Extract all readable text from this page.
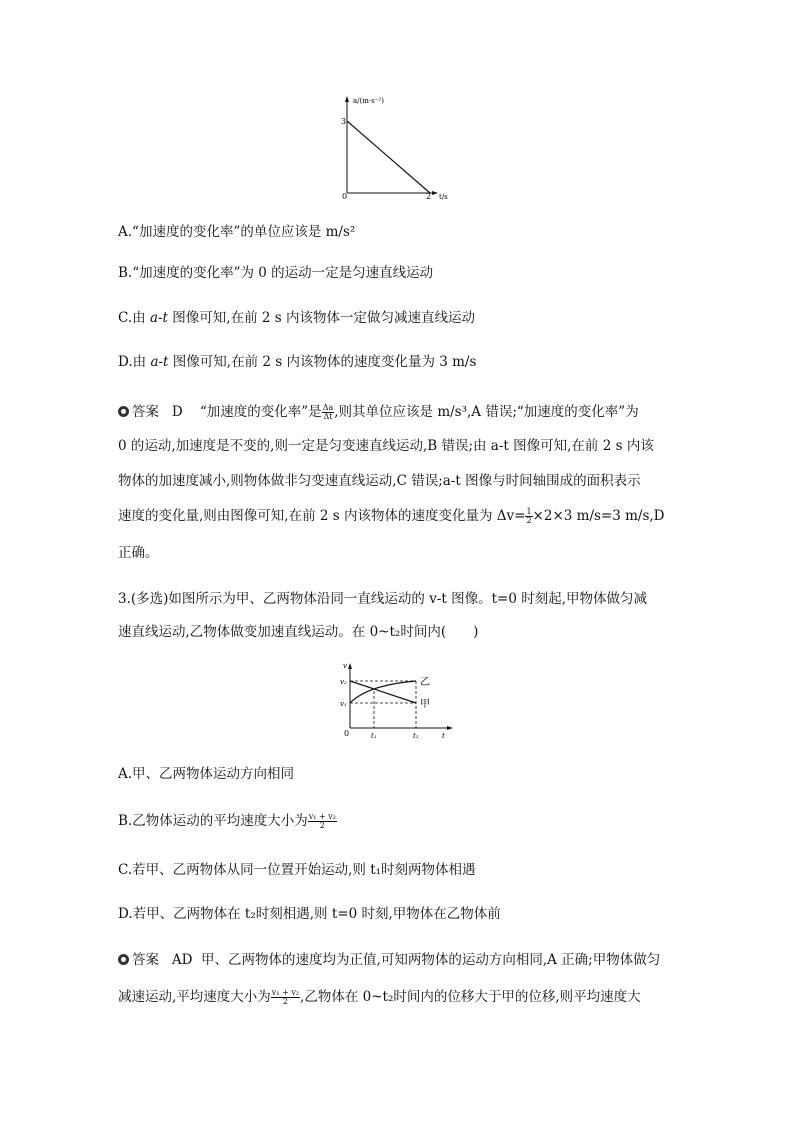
a/(m·s⁻²)
3
0	2 t/s
A.“加速度的变化率”的单位应该是 m/s²
B.“加速度的变化率”为 0 的运动一定是匀速直线运动
C.由 a-t 图像可知,在前 2 s 内该物体一定做匀减速直线运动
D.由 a-t 图像可知,在前 2 s 内该物体的速度变化量为 3 m/s
答案 D “加速度的变化率”是 $\frac{\Delta a}{\Delta t}$ ,则其单位应该是 m/s³,A 错误;“加速度的变化率”为
0 的运动,加速度是不变的,则一定是匀变速直线运动,B 错误;由 a-t 图像可知,在前 2 s 内该
物体的加速度减小,则物体做非匀变速直线运动,C 错误;a-t 图像与时间轴围成的面积表示
速度的变化量,则由图像可知,在前 2 s 内该物体的速度变化量为 $\Delta v= \frac{1}{2} \times 2\times 3$ m/s=3 m/s,D
正确。
3.(多选)如图所示为甲、乙两物体沿同一直线运动的 v-t 图像。t=0 时刻起,甲物体做匀减
速直线运动,乙物体做变加速直线运动。在 0~t₂时间内(　　)
v
v₂
v₁
0	t₁	t₂	t
乙
甲
A.甲、乙两物体运动方向相同
B.乙物体运动的平均速度大小为 $\frac{\text{v₁ + v₂}}{2}$
C.若甲、乙两物体从同一位置开始运动,则 t₁时刻两物体相遇
D.若甲、乙两物体在 t₂时刻相遇,则 t=0 时刻,甲物体在乙物体前
答案 AD 甲、乙两物体的速度均为正值,可知两物体的运动方向相同,A 正确;甲物体做匀
减速运动,平均速度大小为 $\frac{\text{v₁ + v₂}}{2}$ ,乙物体在 0~t₂时间内的位移大于甲的位移,则平均速度大
